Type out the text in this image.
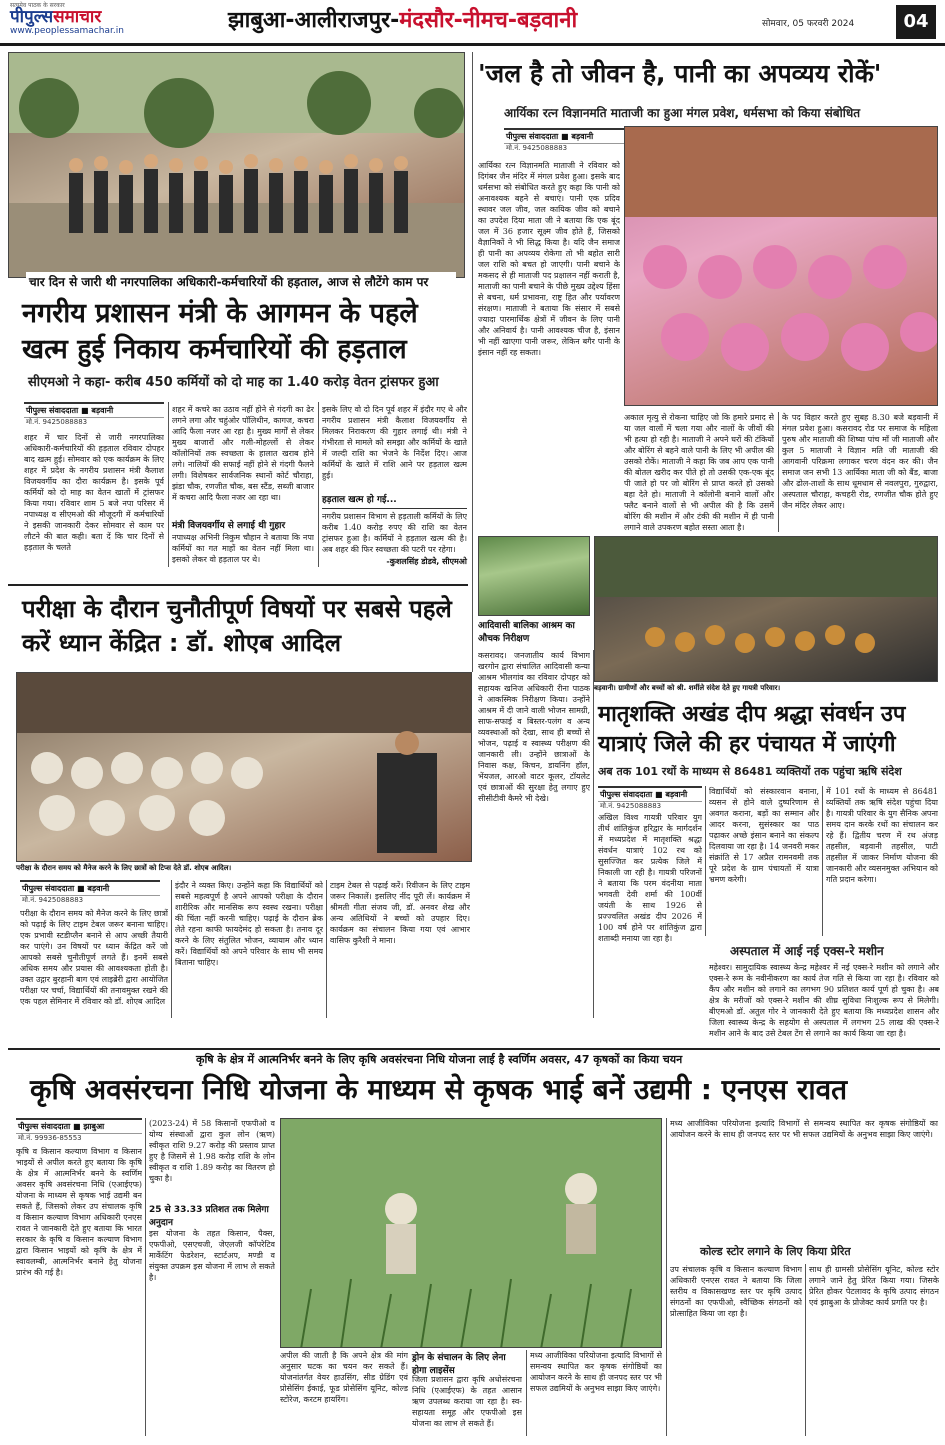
सत्यमेव पाठक के सरकार
पीपुल्ससमाचार
www.peoplessamachar.in	झाबुआ-आलीराजपुर-मंदसौर-नीमच-बड़वानी	सोमवार, 05 फरवरी 2024	04
चार दिन से जारी थी नगरपालिका अधिकारी-कर्मचारियों की हड़ताल, आज से लौटेंगे काम पर
नगरीय प्रशासन मंत्री के आगमन के पहले खत्म हुई निकाय कर्मचारियों की हड़ताल
सीएमओ ने कहा- करीब 450 कर्मियों को दो माह का 1.40 करोड़ वेतन ट्रांसफर हुआ
पीपुल्स संवाददाता ■ बड़वानी
मो.नं. 9425088883
शहर में चार दिनों से जारी नगरपालिका अधिकारी-कर्मचारियों की हड़ताल रविवार दोपहर बाद खत्म हुई। सोमवार को एक कार्यक्रम के लिए शहर में प्रदेश के नगरीय प्रशासन मंत्री कैलाश विजयवर्गीय का दौरा कार्यक्रम है। इसके पूर्व कर्मियों को दो माह का वेतन खातों में ट्रांसफर किया गया। रविवार शाम 5 बजे नपा परिसर में नपाध्यक्ष व सीएमओ की मौजूदगी में कर्मचारियों ने इसकी जानकारी देकर सोमवार से काम पर लौटने की बात कही। बता दें कि चार दिनों से हड़ताल के चलते
शहर में कचरे का उठाव नहीं होने से गंदगी का ढेर लगने लगा और चहुंओर पॉलिथीन, कागज, कचरा आदि फैला नजर आ रहा है। मुख्य मार्गों से लेकर मुख्य बाजारों और गली-मोहल्लों से लेकर कॉलोनियों तक स्वच्छता के हालात खराब होने लगे। नालियों की सफाई नहीं होने से गंदगी फैलने लगी। विशेषकर सार्वजनिक स्थानों कोर्ट चौराहा, झंडा चौक, रणजीत चौक, बस स्टैंड, सब्जी बाजार में कचरा आदि फैला नजर आ रहा था।
मंत्री विजयवर्गीय से लगाई थी गुहार
नपाध्यक्ष अभिनी निकुम चौहान ने बताया कि नपा कर्मियों का गत माहों का वेतन नहीं मिला था। इसको लेकर वो हड़ताल पर थे।
इसके लिए वो दो दिन पूर्व शहर में इंदौर गए थे और नगरीय प्रशासन मंत्री कैलाश विजयवर्गीय से मिलकर निराकरण की गुहार लगाई थी। मंत्री ने गंभीरता से मामले को समझा और कर्मियों के खाते में जल्दी राशि का भेजने के निर्देश दिए। आज कर्मियों के खाते में राशि आने पर हड़ताल खत्म हुई।
हड़ताल खत्म हो गई...
नगरीय प्रशासन विभाग से हड़ताली कर्मियों के लिए करीब 1.40 करोड़ रुपए की राशि का वेतन ट्रांसफर हुआ है। कर्मियों ने हड़ताल खत्म की है। अब शहर की फिर स्वच्छता की पटरी पर रहेगा।
-कुशलसिंह डोडवे, सीएमओ
'जल है तो जीवन है, पानी का अपव्यय रोकें'
आर्यिका रत्न विज्ञानमति माताजी का हुआ मंगल प्रवेश, धर्मसभा को किया संबोधित
पीपुल्स संवाददाता ■ बड़वानी
मो.नं. 9425088883
आर्यिका रत्न विज्ञानमति माताजी ने रविवार को दिगंबर जैन मंदिर में मंगल प्रवेश हुआ। इसके बाद धर्मसभा को संबोधित करते हुए कहा कि पानी को अनावश्यक बहने से बचाएं। पानी एक प्रदिव स्थावर जल जीव, जल कायिक जीव को बचाने का उपदेश दिया माता जी ने बताया कि एक बूंद जल में 36 हजार सूक्ष्म जीव होते हैं, जिसको वैज्ञानिकों ने भी सिद्ध किया है। यदि जैन समाज ही पानी का अपव्यय रोकेगा तो भी बहोत सारी जल राशि को बचत हो जाएगी। पानी बचाने के मकसद से ही माताजी पद प्रक्षालन नहीं कराती है, माताजी का पानी बचाने के पीछे मुख्य उद्देश्य हिंसा से बचना, धर्म प्रभावना, राष्ट्र हित और पर्यावरण संरक्षण। माताजी ने बताया कि संसार में सबसे ज्यादा पारमार्थिक क्षेत्रों में जीवन के लिए पानी और अनिवार्य है। पानी आवश्यक चीज है, इंसान भी नहीं खाएगा पानी जरूर, लेकिन बगैर पानी के इंसान नहीं रह सकता।
अकाल मृत्यु से रोकना चाहिए जो कि हमारे प्रमाद से या जल वालों में चला गया और नालों के जीवों की भी हत्या हो रही है। माताजी ने अपने घरों की टंकियों और बोरिंग से बहने वाले पानी के लिए भी अपील की उसको रोकें। माताजी ने कहा कि जब आप एक पानी की बोतल खरीद कर पीते हो तो उसकी एक-एक बूंद पी जाते हो पर जो बोरिंग से प्राप्त करते हो उसको बहा देते हो। माताजी ने कॉलोनी बनाने वालों और फ्लैट बनाने वालों से भी अपील की है कि उसमें बोरिंग की मशीन में और टंकी की मशीन में ही पानी लगाने वाले उपकरण बहोत सस्ता आता है।
के पद विहार करते हुए सुबह 8.30 बजे बड़वानी में मंगल प्रवेश हुआ। कसरावद रोड पर समाज के महिला पुरुष और माताजी की शिष्या पांच माँ जी माताजी और कुल 5 माताजी ने विज्ञान मति जी माताजी की आगवानी परिक्रमा लगाकर चरण वंदन कर की। जैन समाज जन सभी 13 आर्यिका माता जी को बैंड, बाजा और ढोल-ताशों के साथ धूमधाम से नवलपुरा, गुरुद्वारा, अस्पताल चौराहा, कचहरी रोड, रणजीत चौक होते हुए जैन मंदिर लेकर आए।
आदिवासी बालिका आश्रम का औचक निरीक्षण
बड़वानी। ग्रामीणों और बच्चों को श्री. शर्मीले संदेश देते हुए गायत्री परिवार।
कसरावद। जनजातीय कार्य विभाग खरगोन द्वारा संचालित आदिवासी कन्या आश्रम भीलगांव का रविवार दोपहर को सहायक खनिज अधिकारी रीना पाठक ने आकस्मिक निरीक्षण किया। उन्होंने आश्रम में दी जाने वाली भोजन सामग्री, साफ-सफाई व बिस्तर-पलंग व अन्य व्यवस्थाओं को देखा, साथ ही बच्चों से भोजन, पढ़ाई व स्वास्थ्य परीक्षण की जानकारी ली। उन्होंने छात्राओं के निवास कक्ष, किचन, डायनिंग हॉल, भेंयजल, आरओ वाटर कूलर, टॉयलेट एवं छात्राओं की सुरक्षा हेतु लगाए हुए सीसीटीवी कैमरे भी देखे।
परीक्षा के दौरान चुनौतीपूर्ण विषयों पर सबसे पहले करें ध्यान केंद्रित : डॉ. शोएब आदिल
परीक्षा के दौरान समय को मैनेज करने के लिए छात्रों को टिप्स देते डॉ. शोएब आदिल।
पीपुल्स संवाददाता ■ बड़वानी
मो.नं. 9425088883
परीक्षा के दौरान समय को मैनेज करने के लिए छात्रों को पढ़ाई के लिए टाइम टेबल जरूर बनाना चाहिए। एक प्रभावी स्टडीप्लैन बनाने से आप अच्छी तैयारी कर पाएंगे। उन विषयों पर ध्यान केंद्रित करें जो आपको सबसे चुनौतीपूर्ण लगते हैं। इनमें सबसे अधिक समय और प्रयास की आवश्यकता होती है। उक्त उद्गार बुरहानी बाग एवं लाइब्रेरी द्वारा आयोजित परीक्षा पर चर्चा, विद्यार्थियों की तनावमुक्त रखने की एक पहल सेमिनार में रविवार को डॉ. शोएब आदिल
इंदौर ने व्यक्त किए। उन्होंने कहा कि विद्यार्थियों को सबसे महत्वपूर्ण है अपने आपको परीक्षा के दौरान शारीरिक और मानसिक रूप स्वस्थ रखना। परीक्षा की चिंता नहीं करनी चाहिए। पढ़ाई के दौरान ब्रेक लेते रहना काफी फायदेमंद हो सकता है। तनाव दूर करने के लिए संतुलित भोजन, व्यायाम और ध्यान करें। विद्यार्थियों को अपने परिवार के साथ भी समय बिताना चाहिए।
टाइम टेबल से पढ़ाई करें। रिवीजन के लिए टाइम जरूर निकालें। इसलिए नींद पूरी लें। कार्यक्रम में श्रीमती गीता संजय जी, डॉ. अनवर शेख और अन्य अतिथियों ने बच्चों को उपहार दिए। कार्यक्रम का संचालन किया गया एवं आभार वासिफ कुरैशी ने माना।
मातृशक्ति अखंड दीप श्रद्धा संवर्धन उप यात्राएं जिले की हर पंचायत में जाएंगी
अब तक 101 रथों के माध्यम से 86481 व्यक्तियों तक पहुंचा ऋषि संदेश
पीपुल्स संवाददाता ■ बड़वानी
मो.नं. 9425088883
अखिल विश्व गायत्री परिवार युग तीर्थ शांतिकुंज हरिद्वार के मार्गदर्शन में मध्यप्रदेश में मातृशक्ति श्रद्धा संवर्धन यात्राएं 102 रथ को सुसज्जित कर प्रत्येक जिले में निकाली जा रही है। गायत्री परिजनों ने बताया कि परम वंदनीया माता भगवती देवी शर्मा की 100वीं जयंती के साथ 1926 से प्रज्ज्वलित अखंड दीप 2026 में 100 वर्ष होने पर शांतिकुंज द्वारा शताब्दी मनाया जा रहा है।
विद्यार्थियों को संस्कारवान बनाना, व्यसन से होने वाले दुष्परिणाम से अवगत कराना, बड़ों का सम्मान और आदर करना, सुसंस्कार का पाठ पढ़ाकर अच्छे इंसान बनाने का संकल्प दिलवाया जा रहा है। 14 जनवरी मकर संक्रांति से 17 अप्रैल रामनवमी तक पूरे प्रदेश के ग्राम पंचायतों में यात्रा भ्रमण करेगी।
में 101 रथों के माध्यम से 86481 व्यक्तियों तक ऋषि संदेश पहुंचा दिया है। गायत्री परिवार के युग सैनिक अपना समय दान करके रथों का संचालन कर रहे हैं। द्वितीय चरण में रथ अंजड़ तहसील, बड़वानी तहसील, पाटी तहसील में जाकर निर्माण योजना की जानकारी और व्यसनमुक्त अभियान को गति प्रदान करेगा।
अस्पताल में आई नई एक्स-रे मशीन
महेश्वर। सामुदायिक स्वास्थ्य केन्द्र महेश्वर में नई एक्स-रे मशीन को लगाने और एक्स-रे रूम के नवीनीकरण का कार्य तेज गति से किया जा रहा है। रविवार को कैंप और मशीन को लगाने का लगभग 90 प्रतिशत कार्य पूर्ण हो चुका है। अब क्षेत्र के मरीजों को एक्स-रे मशीन की शीघ्र सुविधा निःशुल्क रूप से मिलेगी। बीएमओ डॉ. अतुल गोर ने जानकारी देते हुए बताया कि मध्यप्रदेश शासन और जिला स्वास्थ्य केन्द्र के सहयोग से अस्पताल में लगभग 25 लाख की एक्स-रे मशीन आने के बाद उसे टेबल टेंग से लगाने का कार्य किया जा रहा है।
कृषि के क्षेत्र में आत्मनिर्भर बनने के लिए कृषि अवसंरचना निधि योजना लाई है स्वर्णिम अवसर, 47 कृषकों का किया चयन
कृषि अवसंरचना निधि योजना के माध्यम से कृषक भाई बनें उद्यमी : एनएस रावत
पीपुल्स संवाददाता ■ झाबुआ
मो.नं. 99936-85553
कृषि व किसान कल्याण विभाग व किसान भाइयों से अपील करते हुए बताया कि कृषि के क्षेत्र में आत्मनिर्भर बनने के स्वर्णिम अवसर कृषि अवसंरचना निधि (एआईएफ) योजना के माध्यम से कृषक भाई उद्यमी बन सकते हैं, जिसको लेकर उप संचालक कृषि व किसान कल्याण विभाग अधिकारी एनएस रावत ने जानकारी देते हुए बताया कि भारत सरकार के कृषि व किसान कल्याण विभाग द्वारा किसान भाइयों को कृषि के क्षेत्र में स्वावलम्बी, आत्मनिर्भर बनाने हेतु योजना प्रारंभ की गई है।
(2023-24) में 58 किसानों एफपीओ व योग्य संस्थाओं द्वारा कुल लोन (ऋण) स्वीकृत राशि 9.27 करोड़ की प्रस्ताव प्राप्त हुए है जिसमें से 1.98 करोड़ राशि के लोन स्वीकृत व राशि 1.89 करोड़ का वितरण हो चुका है।
25 से 33.33 प्रतिशत तक मिलेगा अनुदान
इस योजना के तहत किसान, पैक्स, एफपीओ, एसएचजी, जेएलजी कॉपरेटिव मार्केटिंग फेडरेशन, स्टार्टअप, मण्डी व संयुक्त उपक्रम इस योजना में लाभ ले सकते है।
अपील की जाती है कि अपने क्षेत्र की मांग अनुसार घटक का चयन कर सकते हैं। योजनांतर्गत वेयर हाउसिंग, सीड ग्रेडिंग एवं प्रोसेसिंग ईकाई, फूड प्रोसेसिंग यूनिट, कोल्ड स्टोरेज, करटम हायरिंग।
ड्रोन के संचालन के लिए लेना होगा लाइसेंस
जिला प्रशासन द्वारा कृषि अधोसंरचना निधि (एआईएफ) के तहत आसान ऋण उपलब्ध कराया जा रहा है। स्व-सहायता समूह और एफपीओ इस योजना का लाभ ले सकते हैं।
मध्य आजीविका परियोजना इत्यादि विभागों से समन्वय स्थापित कर कृषक संगोष्ठियों का आयोजन करने के साथ ही जनपद स्तर पर भी सफल उद्यमियों के अनुभव साझा किए जाएंगे।
मध्य आजीविका परियोजना इत्यादि विभागों से समन्वय स्थापित कर कृषक संगोष्ठियों का आयोजन करने के साथ ही जनपद स्तर पर भी सफल उद्यमियों के अनुभव साझा किए जाएंगे।
कोल्ड स्टोर लगाने के लिए किया प्रेरित
उप संचालक कृषि व किसान कल्याण विभाग अधिकारी एनएस रावत ने बताया कि जिला स्तरीय व विकासखण्ड स्तर पर कृषि उत्पाद संगठनों का एफपीओ, स्वैच्छिक संगठनों को प्रोत्साहित किया जा रहा है।
साथ ही ग्रामसी प्रोसेसिंग यूनिट, कोल्ड स्टोर लगाने जाने हेतु प्रेरित किया गया। जिसके प्रेरित होकर पेटलावद के कृषि उत्पाद संगठन एवं झाबुआ के प्रोजेक्ट कार्य प्रगति पर है।
